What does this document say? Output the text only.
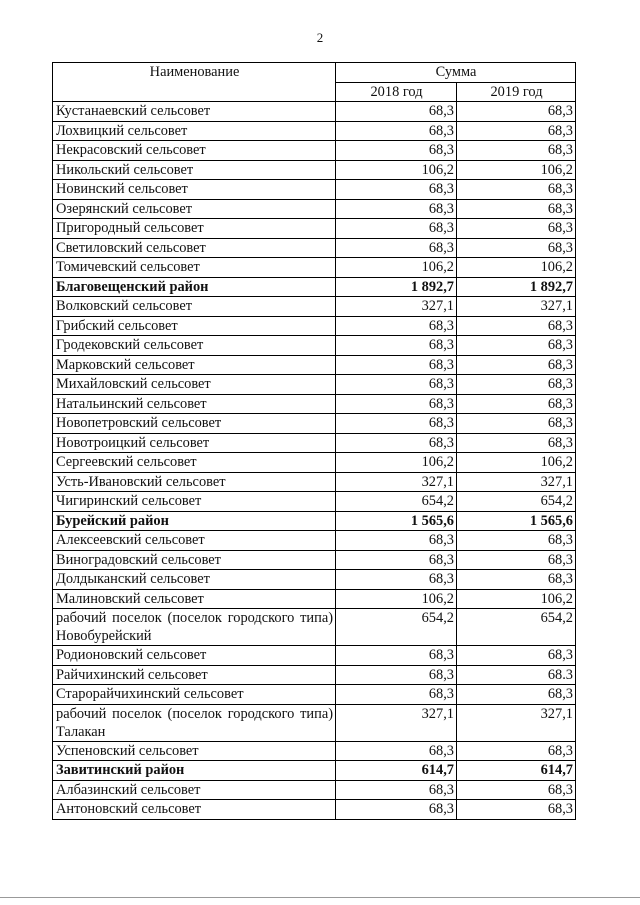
2
Наименование	Сумма	
	2018 год	2019 год
Кустанаевский сельсовет	68,3	68,3
Лохвицкий сельсовет	68,3	68,3
Некрасовский сельсовет	68,3	68,3
Никольский сельсовет	106,2	106,2
Новинский сельсовет	68,3	68,3
Озерянский сельсовет	68,3	68,3
Пригородный сельсовет	68,3	68,3
Светиловский сельсовет	68,3	68,3
Томичевский сельсовет	106,2	106,2
Благовещенский район	1 892,7	1 892,7
Волковский сельсовет	327,1	327,1
Грибский сельсовет	68,3	68,3
Гродековский сельсовет	68,3	68,3
Марковский сельсовет	68,3	68,3
Михайловский сельсовет	68,3	68,3
Натальинский сельсовет	68,3	68,3
Новопетровский сельсовет	68,3	68,3
Новотроицкий сельсовет	68,3	68,3
Сергеевский сельсовет	106,2	106,2
Усть-Ивановский сельсовет	327,1	327,1
Чигиринский сельсовет	654,2	654,2
Бурейский район	1 565,6	1 565,6
Алексеевский сельсовет	68,3	68,3
Виноградовский сельсовет	68,3	68,3
Долдыканский сельсовет	68,3	68,3
Малиновский сельсовет	106,2	106,2
рабочий поселок (поселок городского типа) Новобурейский	654,2	654,2
Родионовский сельсовет	68,3	68,3
Райчихинский сельсовет	68,3	68.3
Старорайчихинский сельсовет	68,3	68,3
рабочий поселок (поселок городского типа) Талакан	327,1	327,1
Успеновский сельсовет	68,3	68,3
Завитинский район	614,7	614,7
Албазинский сельсовет	68,3	68,3
Антоновский сельсовет	68,3	68,3
